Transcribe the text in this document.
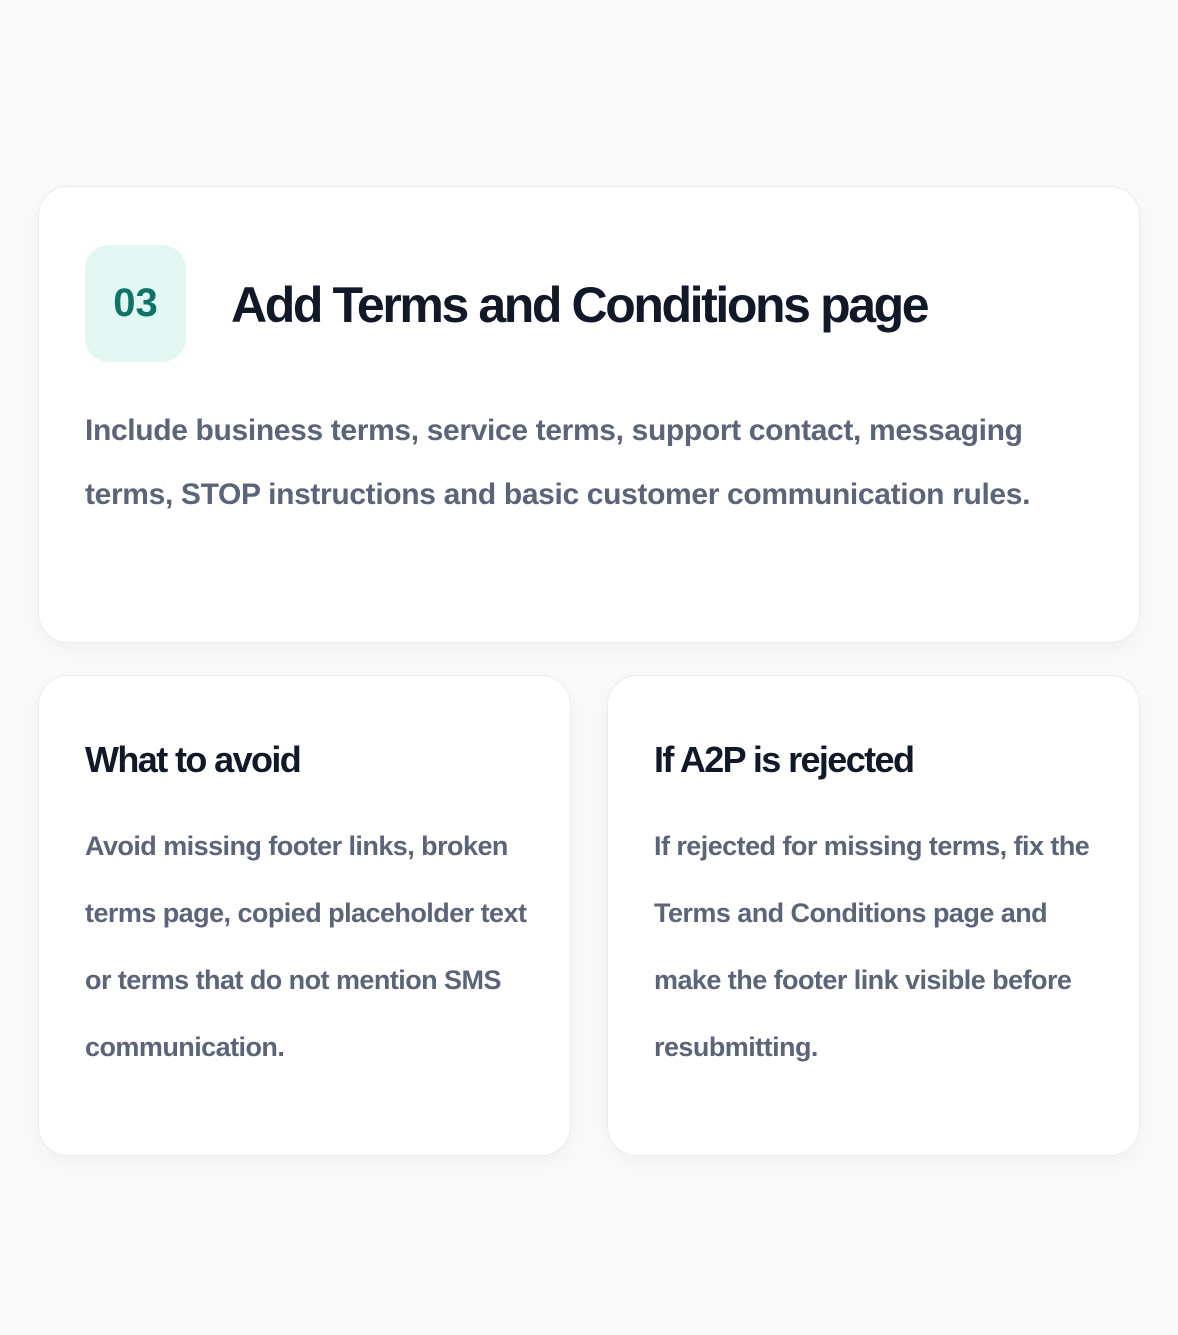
03	Add Terms and Conditions page

Include business terms, service terms, support contact, messaging terms, STOP instructions and basic customer communication rules.

What to avoid

Avoid missing footer links, broken
terms page, copied placeholder text
or terms that do not mention SMS
communication.

If A2P is rejected

If rejected for missing terms, fix the
Terms and Conditions page and
make the footer link visible before
resubmitting.
